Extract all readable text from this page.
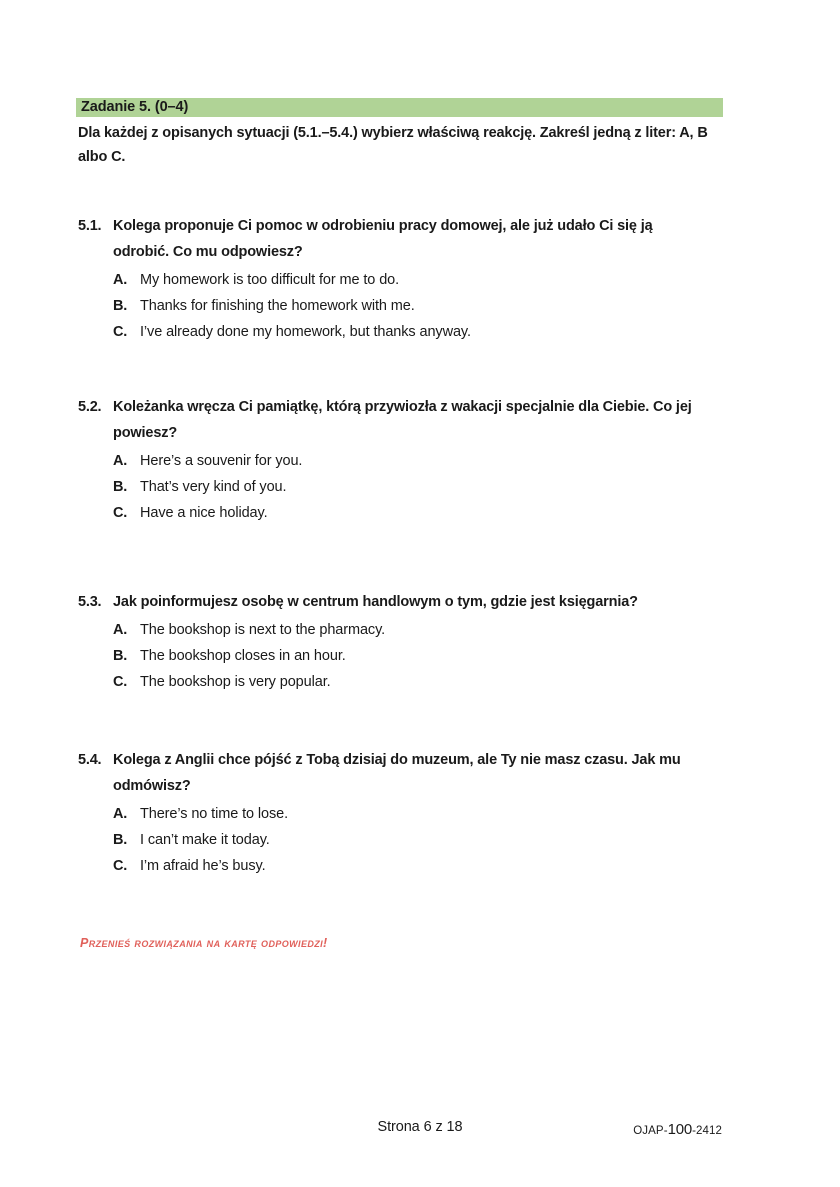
Zadanie 5. (0–4)
Dla każdej z opisanych sytuacji (5.1.–5.4.) wybierz właściwą reakcję. Zakreśl jedną z liter: A, B albo C.
5.1. Kolega proponuje Ci pomoc w odrobieniu pracy domowej, ale już udało Ci się ją odrobić. Co mu odpowiesz?
A. My homework is too difficult for me to do.
B. Thanks for finishing the homework with me.
C. I’ve already done my homework, but thanks anyway.
5.2. Koleżanka wręcza Ci pamiątkę, którą przywiozła z wakacji specjalnie dla Ciebie. Co jej powiesz?
A. Here’s a souvenir for you.
B. That’s very kind of you.
C. Have a nice holiday.
5.3. Jak poinformujesz osobę w centrum handlowym o tym, gdzie jest księgarnia?
A. The bookshop is next to the pharmacy.
B. The bookshop closes in an hour.
C. The bookshop is very popular.
5.4. Kolega z Anglii chce pójść z Tobą dzisiaj do muzeum, ale Ty nie masz czasu. Jak mu odmówisz?
A. There’s no time to lose.
B. I can’t make it today.
C. I’m afraid he’s busy.
Przenieś rozwiązania na kartę odpowiedzi!
Strona 6 z 18	OJAP-100-2412
